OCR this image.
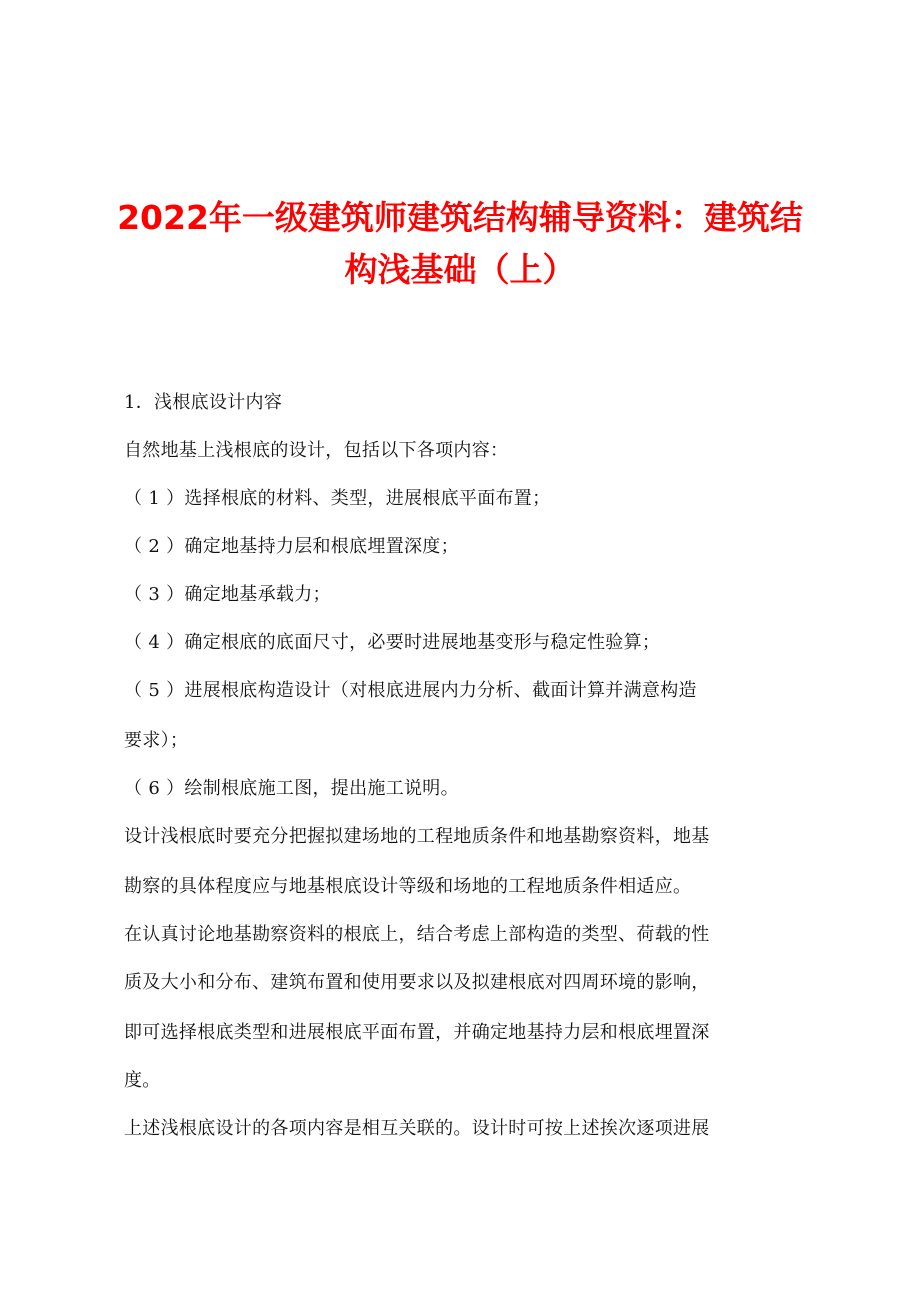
2022年一级建筑师建筑结构辅导资料：建筑结
构浅基础（上）

1．浅根底设计内容

自然地基上浅根底的设计，包括以下各项内容：

（ 1 ）选择根底的材料、类型，进展根底平面布置；

（ 2 ）确定地基持力层和根底埋置深度；

（ 3 ）确定地基承载力；

（ 4 ）确定根底的底面尺寸，必要时进展地基变形与稳定性验算；

（ 5 ）进展根底构造设计（对根底进展内力分析、截面计算并满意构造

要求）；

（ 6 ）绘制根底施工图，提出施工说明。

设计浅根底时要充分把握拟建场地的工程地质条件和地基勘察资料，地基

勘察的具体程度应与地基根底设计等级和场地的工程地质条件相适应。

在认真讨论地基勘察资料的根底上，结合考虑上部构造的类型、荷载的性

质及大小和分布、建筑布置和使用要求以及拟建根底对四周环境的影响，

即可选择根底类型和进展根底平面布置，并确定地基持力层和根底埋置深

度。

上述浅根底设计的各项内容是相互关联的。设计时可按上述挨次逐项进展
